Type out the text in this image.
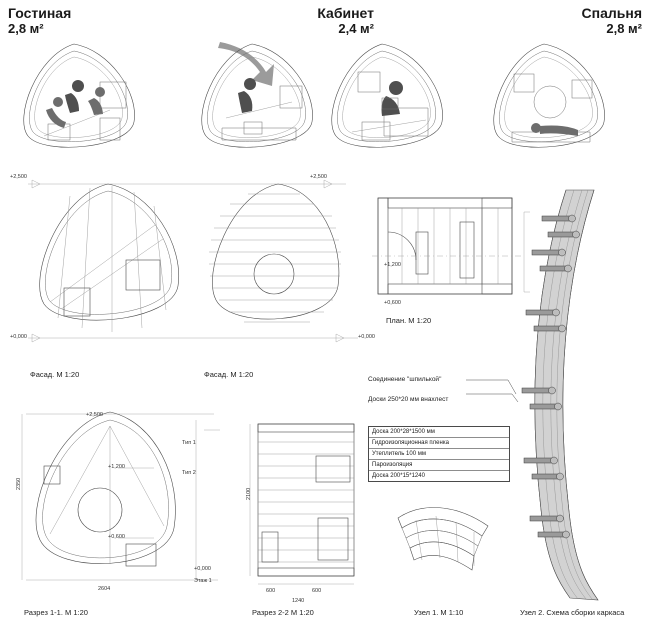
Гостиная
2,8 м²
Кабинет
2,4 м²
Спальня
2,8 м²
+2,500	+2,500
+0,000	+0,000
Фасад. М 1:20	Фасад. М 1:20
+1,200
+0,600
План. М 1:20
Узел 2. Схема сборки каркаса
Соединение "шпилькой"
Доски 250*20 мм внахлест
Доска 200*28*1500 мм
Гидроизоляционная пленка
Утеплитель 100 мм
Пароизоляция
Доска 200*15*1240
Узел 1. М 1:10
+2,500
+1,200
+0,600
+0,000
Этаж 1
2604
2350
Тип 1
Тип 2
Разрез 1-1. М 1:20
600	600
1240
2100
Разрез 2-2 М 1:20
